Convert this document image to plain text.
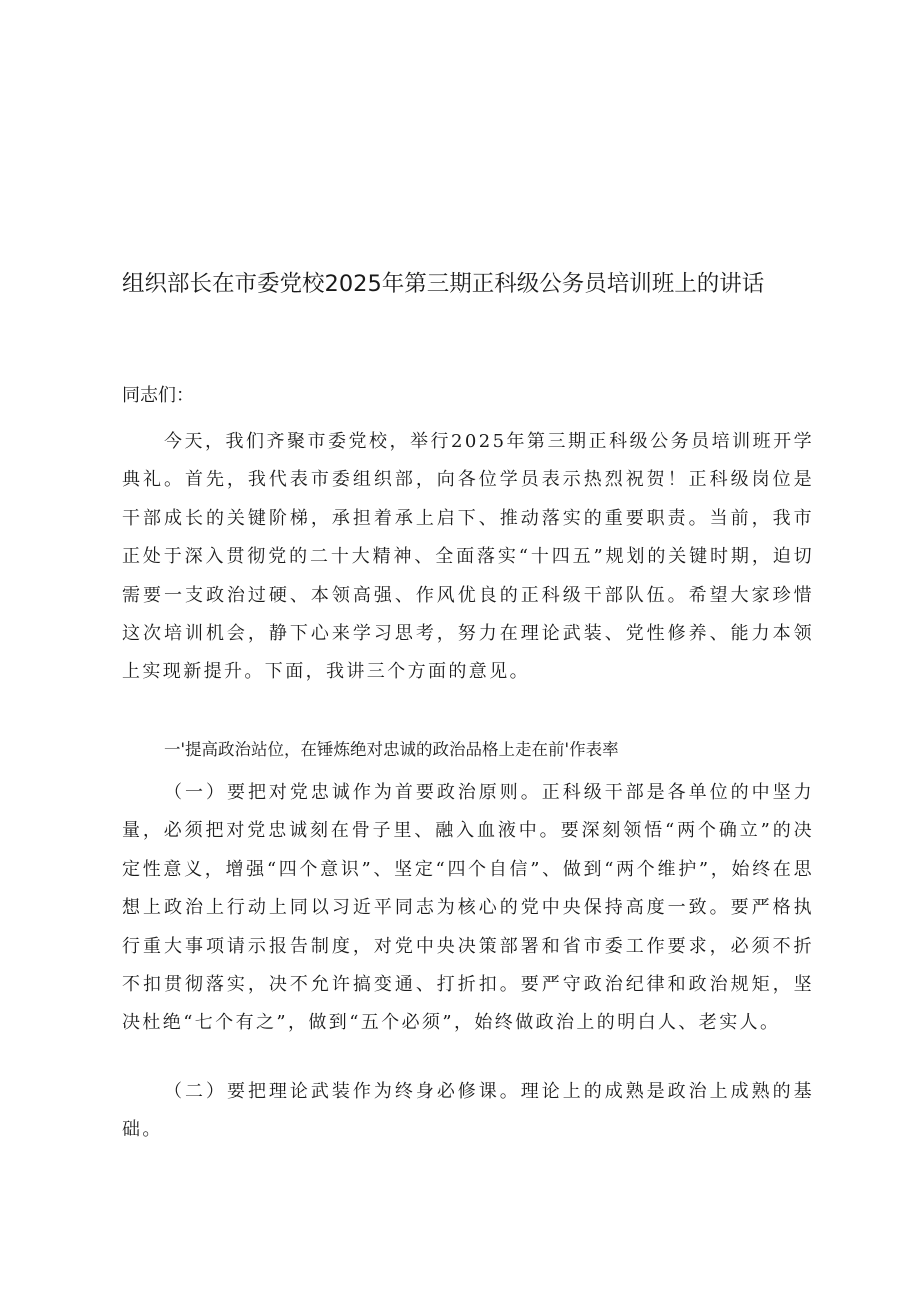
组织部长在市委党校2025年第三期正科级公务员培训班上的讲话

同志们：

今天，我们齐聚市委党校，举行2025年第三期正科级公务员培训班开学典礼。首先，我代表市委组织部，向各位学员表示热烈祝贺！正科级岗位是干部成长的关键阶梯，承担着承上启下、推动落实的重要职责。当前，我市正处于深入贯彻党的二十大精神、全面落实“十四五”规划的关键时期，迫切需要一支政治过硬、本领高强、作风优良的正科级干部队伍。希望大家珍惜这次培训机会，静下心来学习思考，努力在理论武装、党性修养、能力本领上实现新提升。下面，我讲三个方面的意见。

一'提高政治站位，在锤炼绝对忠诚的政治品格上走在前'作表率

（一）要把对党忠诚作为首要政治原则。正科级干部是各单位的中坚力量，必须把对党忠诚刻在骨子里、融入血液中。要深刻领悟“两个确立”的决定性意义，增强“四个意识”、坚定“四个自信”、做到“两个维护”，始终在思想上政治上行动上同以习近平同志为核心的党中央保持高度一致。要严格执行重大事项请示报告制度，对党中央决策部署和省市委工作要求，必须不折不扣贯彻落实，决不允许搞变通、打折扣。要严守政治纪律和政治规矩，坚决杜绝“七个有之”，做到“五个必须”，始终做政治上的明白人、老实人。

（二）要把理论武装作为终身必修课。理论上的成熟是政治上成熟的基础。
